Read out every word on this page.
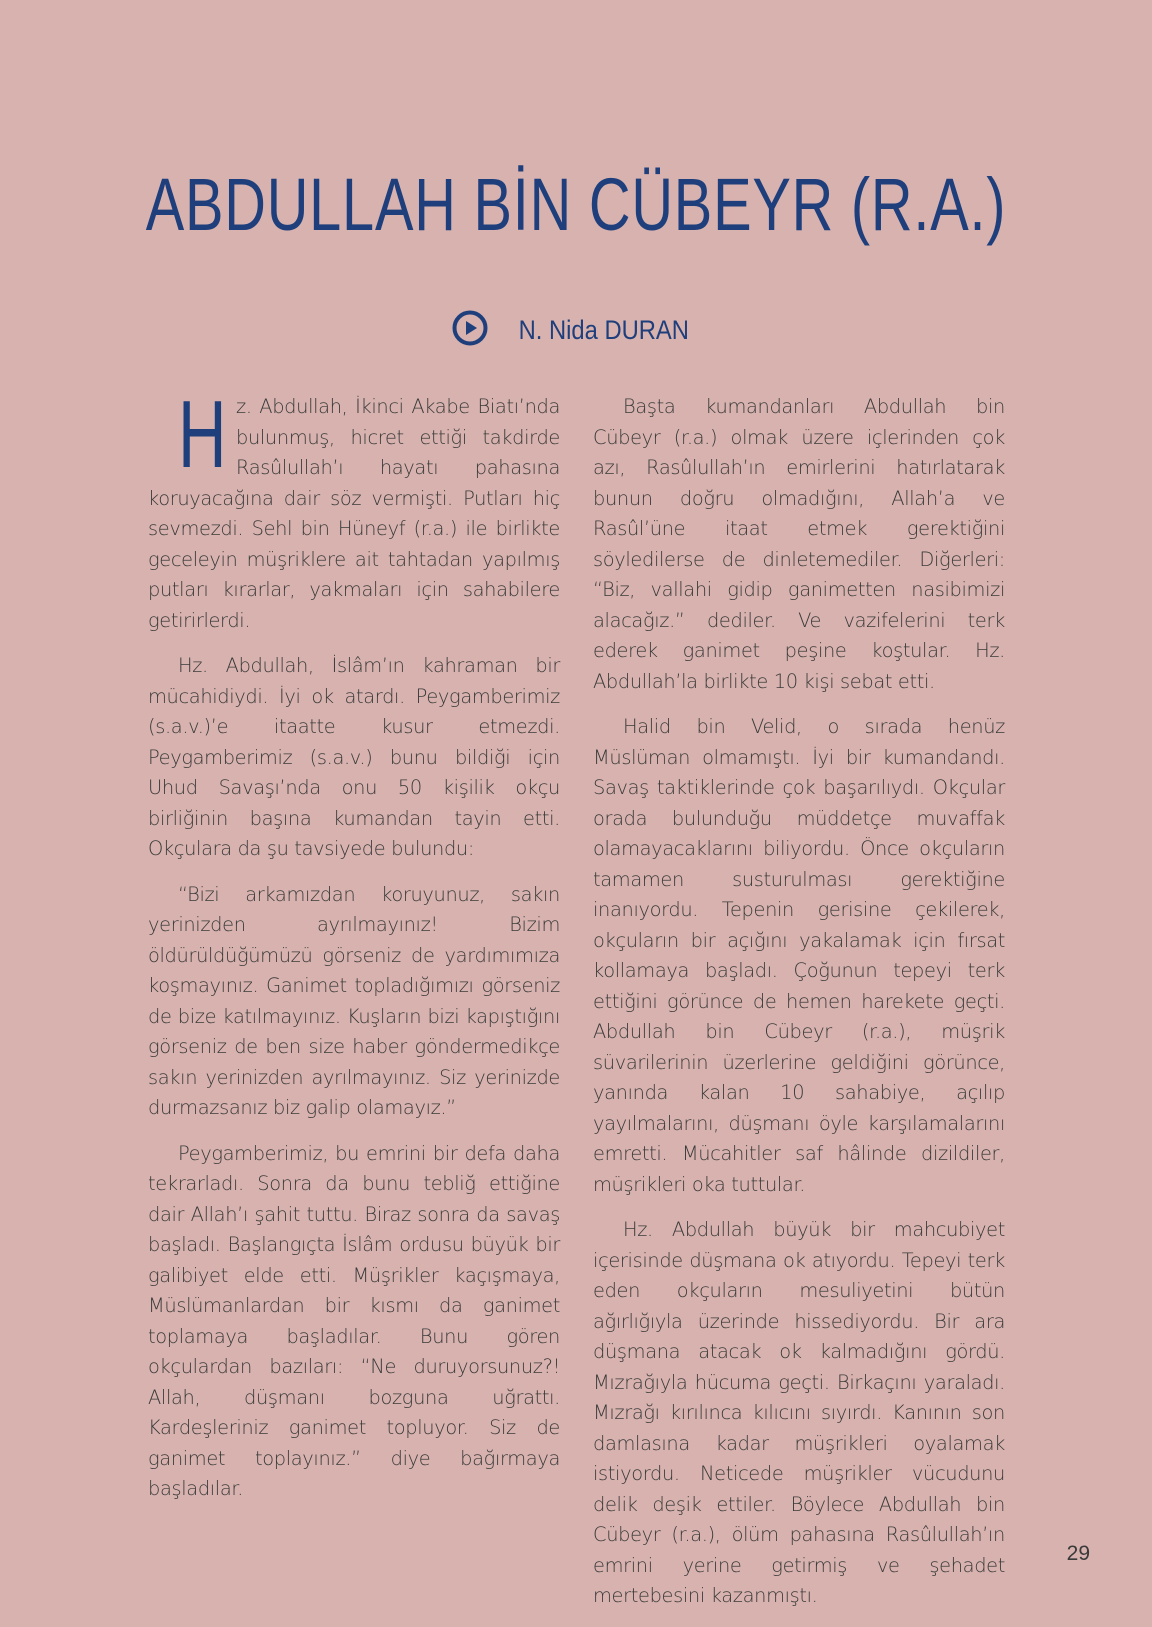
ABDULLAH BİN CÜBEYR (R.A.)
N. Nida DURAN

Hz. Abdullah, İkinci Akabe Biatı’nda bulunmuş, hicret ettiği takdirde Rasûlullah’ı hayatı pahasına koruyacağına dair söz vermişti. Putları hiç sevmezdi. Sehl bin Hüneyf (r.a.) ile birlikte geceleyin müşriklere ait tahtadan yapılmış putları kırarlar, yakmaları için sahabilere getirirlerdi.

Hz. Abdullah, İslâm’ın kahraman bir mücahidiydi. İyi ok atardı. Peygamberimiz (s.a.v.)’e itaatte kusur etmezdi. Peygamberimiz (s.a.v.) bunu bildiği için Uhud Savaşı’nda onu 50 kişilik okçu birliğinin başına kumandan tayin etti. Okçulara da şu tavsiyede bulundu:

“Bizi arkamızdan koruyunuz, sakın yerinizden ayrılmayınız! Bizim öldürüldüğümüzü görseniz de yardımımıza koşmayınız. Ganimet topladığımızı görseniz de bize katılmayınız. Kuşların bizi kapıştığını görseniz de ben size haber göndermedikçe sakın yerinizden ayrılmayınız. Siz yerinizde durmazsanız biz galip olamayız.”

Peygamberimiz, bu emrini bir defa daha tekrarladı. Sonra da bunu tebliğ ettiğine dair Allah’ı şahit tuttu. Biraz sonra da savaş başladı. Başlangıçta İslâm ordusu büyük bir galibiyet elde etti. Müşrikler kaçışmaya, Müslümanlardan bir kısmı da ganimet toplamaya başladılar. Bunu gören okçulardan bazıları: “Ne duruyorsunuz?! Allah, düşmanı bozguna uğrattı. Kardeşleriniz ganimet topluyor. Siz de ganimet toplayınız.” diye bağırmaya başladılar.

Başta kumandanları Abdullah bin Cübeyr (r.a.) olmak üzere içlerinden çok azı, Rasûlullah’ın emirlerini hatırlatarak bunun doğru olmadığını, Allah’a ve Rasûl’üne itaat etmek gerektiğini söyledilerse de dinletemediler. Diğerleri: “Biz, vallahi gidip ganimetten nasibimizi alacağız.” dediler. Ve vazifelerini terk ederek ganimet peşine koştular. Hz. Abdullah’la birlikte 10 kişi sebat etti.

Halid bin Velid, o sırada henüz Müslüman olmamıştı. İyi bir kumandandı. Savaş taktiklerinde çok başarılıydı. Okçular orada bulunduğu müddetçe muvaffak olamayacaklarını biliyordu. Önce okçuların tamamen susturulması gerektiğine inanıyordu. Tepenin gerisine çekilerek, okçuların bir açığını yakalamak için fırsat kollamaya başladı. Çoğunun tepeyi terk ettiğini görünce de hemen harekete geçti. Abdullah bin Cübeyr (r.a.), müşrik süvarilerinin üzerlerine geldiğini görünce, yanında kalan 10 sahabiye, açılıp yayılmalarını, düşmanı öyle karşılamalarını emretti. Mücahitler saf hâlinde dizildiler, müşrikleri oka tuttular.

Hz. Abdullah büyük bir mahcubiyet içerisinde düşmana ok atıyordu. Tepeyi terk eden okçuların mesuliyetini bütün ağırlığıyla üzerinde hissediyordu. Bir ara düşmana atacak ok kalmadığını gördü. Mızrağıyla hücuma geçti. Birkaçını yaraladı. Mızrağı kırılınca kılıcını sıyırdı. Kanının son damlasına kadar müşrikleri oyalamak istiyordu. Neticede müşrikler vücudunu delik deşik ettiler. Böylece Abdullah bin Cübeyr (r.a.), ölüm pahasına Rasûlullah’ın emrini yerine getirmiş ve şehadet mertebesini kazanmıştı.

29
